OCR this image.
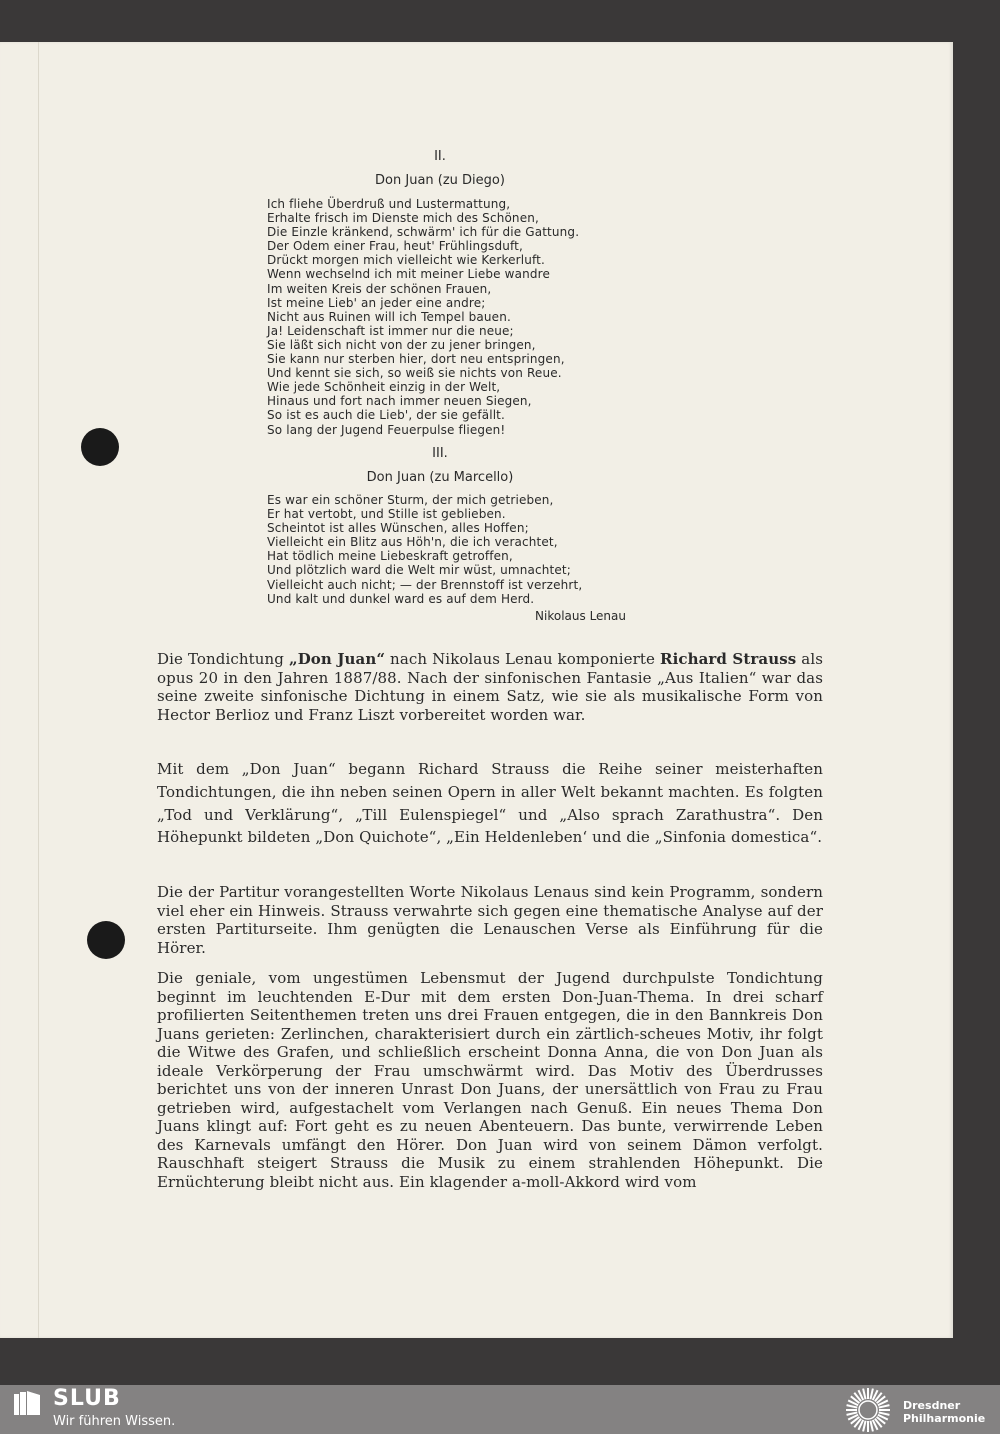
II.
Don Juan (zu Diego)
Ich fliehe Überdruß und Lustermattung,
Erhalte frisch im Dienste mich des Schönen,
Die Einzle kränkend, schwärm' ich für die Gattung.
Der Odem einer Frau, heut' Frühlingsduft,
Drückt morgen mich vielleicht wie Kerkerluft.
Wenn wechselnd ich mit meiner Liebe wandre
Im weiten Kreis der schönen Frauen,
Ist meine Lieb' an jeder eine andre;
Nicht aus Ruinen will ich Tempel bauen.
Ja! Leidenschaft ist immer nur die neue;
Sie läßt sich nicht von der zu jener bringen,
Sie kann nur sterben hier, dort neu entspringen,
Und kennt sie sich, so weiß sie nichts von Reue.
Wie jede Schönheit einzig in der Welt,
Hinaus und fort nach immer neuen Siegen,
So ist es auch die Lieb', der sie gefällt.
So lang der Jugend Feuerpulse fliegen!
III.
Don Juan (zu Marcello)
Es war ein schöner Sturm, der mich getrieben,
Er hat vertobt, und Stille ist geblieben.
Scheintot ist alles Wünschen, alles Hoffen;
Vielleicht ein Blitz aus Höh'n, die ich verachtet,
Hat tödlich meine Liebeskraft getroffen,
Und plötzlich ward die Welt mir wüst, umnachtet;
Vielleicht auch nicht; — der Brennstoff ist verzehrt,
Und kalt und dunkel ward es auf dem Herd.
Nikolaus Lenau
Die Tondichtung „Don Juan“ nach Nikolaus Lenau komponierte Richard Strauss als opus 20 in den Jahren 1887/88. Nach der sinfonischen Fantasie „Aus Italien“ war das seine zweite sinfonische Dichtung in einem Satz, wie sie als musikalische Form von Hector Berlioz und Franz Liszt vorbereitet worden war.
Mit dem „Don Juan“ begann Richard Strauss die Reihe seiner meisterhaften Tondichtungen, die ihn neben seinen Opern in aller Welt bekannt machten. Es folgten „Tod und Verklärung“, „Till Eulenspiegel“ und „Also sprach Zarathustra“. Den Höhepunkt bildeten „Don Quichote“, „Ein Heldenleben‘ und die „Sinfonia domestica“.
Die der Partitur vorangestellten Worte Nikolaus Lenaus sind kein Programm, sondern viel eher ein Hinweis. Strauss verwahrte sich gegen eine thematische Analyse auf der ersten Partiturseite. Ihm genügten die Lenauschen Verse als Einführung für die Hörer.
Die geniale, vom ungestümen Lebensmut der Jugend durchpulste Tondichtung beginnt im leuchtenden E-Dur mit dem ersten Don-Juan-Thema. In drei scharf profilierten Seitenthemen treten uns drei Frauen entgegen, die in den Bannkreis Don Juans gerieten: Zerlinchen, charakterisiert durch ein zärtlich-scheues Motiv, ihr folgt die Witwe des Grafen, und schließlich erscheint Donna Anna, die von Don Juan als ideale Verkörperung der Frau umschwärmt wird. Das Motiv des Überdrusses berichtet uns von der inneren Unrast Don Juans, der unersättlich von Frau zu Frau getrieben wird, aufgestachelt vom Verlangen nach Genuß. Ein neues Thema Don Juans klingt auf: Fort geht es zu neuen Abenteuern. Das bunte, verwirrende Leben des Karnevals umfängt den Hörer. Don Juan wird von seinem Dämon verfolgt. Rauschhaft steigert Strauss die Musik zu einem strahlenden Höhepunkt. Die Ernüchterung bleibt nicht aus. Ein klagender a-moll-Akkord wird vom
SLUB
Wir führen Wissen.
Dresdner
Philharmonie
